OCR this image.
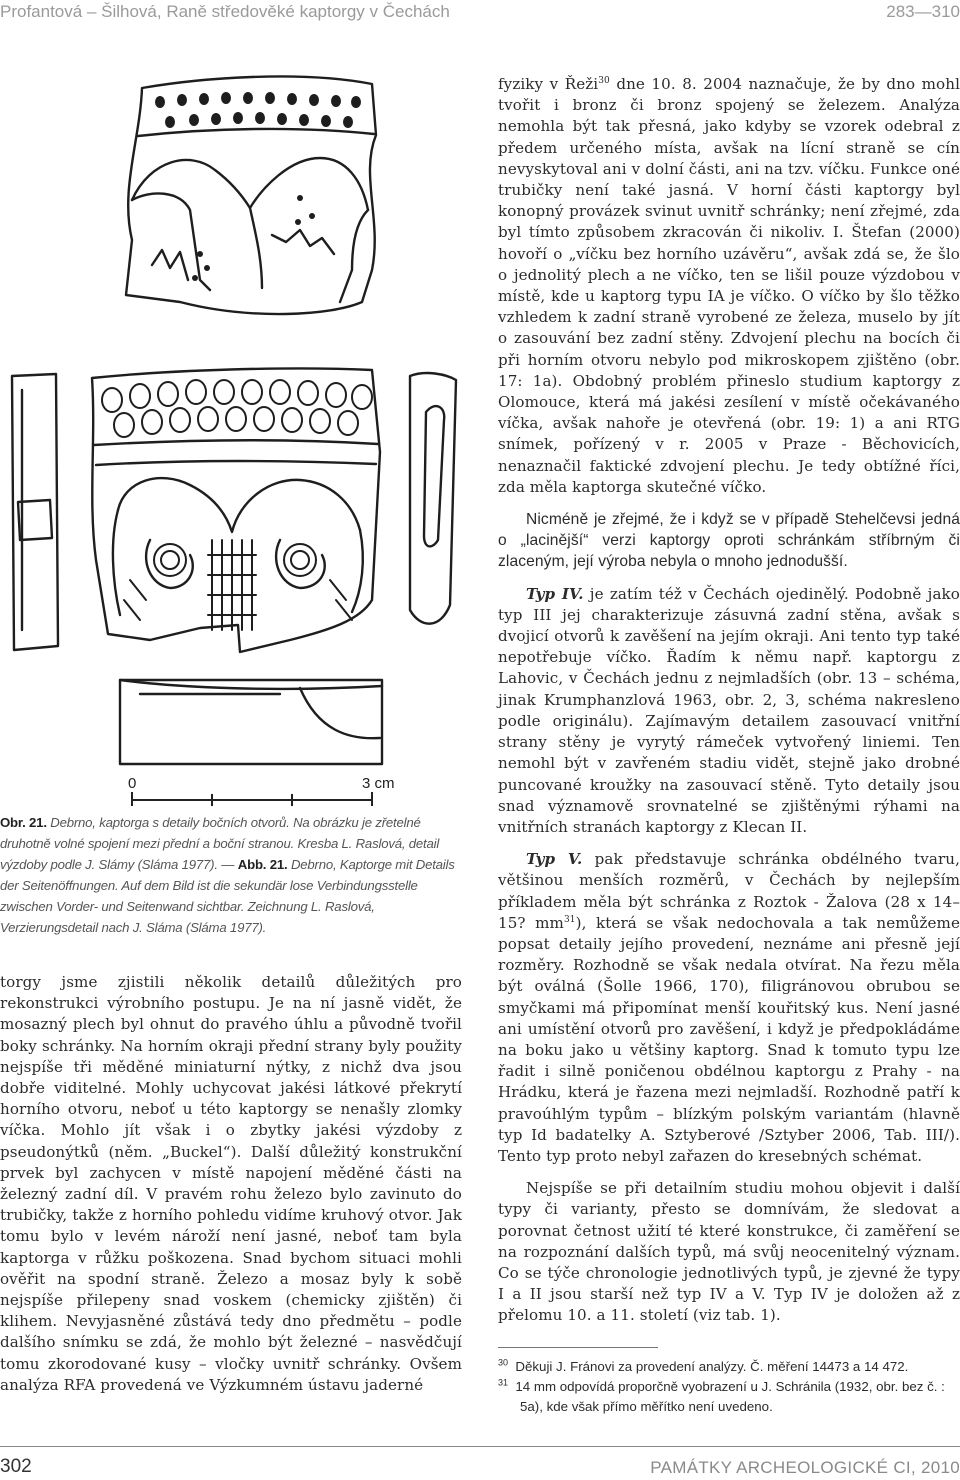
Profantová – Šilhová, Raně středověké kaptorgy v Čechách	283—310
0	3 cm
Obr. 21. Debrno, kaptorga s detaily bočních otvorů. Na obrázku je zřetelné druhotně volné spojení mezi přední a boční stranou. Kresba L. Raslová, detail výzdoby podle J. Slámy (Sláma 1977). — Abb. 21. Debrno, Kaptorge mit Details der Seitenöffnungen. Auf dem Bild ist die sekundär lose Verbindungsstelle zwischen Vorder- und Seitenwand sichtbar. Zeichnung L. Raslová, Verzierungsdetail nach J. Sláma (Sláma 1977).

torgy jsme zjistili několik detailů důležitých pro rekonstrukci výrobního postupu. Je na ní jasně vidět, že mosazný plech byl ohnut do pravého úhlu a původně tvořil boky schránky. Na horním okraji přední strany byly použity nejspíše tři měděné miniaturní nýtky, z nichž dva jsou dobře viditelné. Mohly uchycovat jakési látkové překrytí horního otvoru, neboť u této kaptorgy se nenašly zlomky víčka. Mohlo jít však i o zbytky jakési výzdoby z pseudonýtků (něm. „Buckel“). Další důležitý konstrukční prvek byl zachycen v místě napojení měděné části na železný zadní díl. V pravém rohu železo bylo zavinuto do trubičky, takže z horního pohledu vidíme kruhový otvor. Jak tomu bylo v levém nároží není jasné, neboť tam byla kaptorga v růžku poškozena. Snad bychom situaci mohli ověřit na spodní straně. Železo a mosaz byly k sobě nejspíše přilepeny snad voskem (chemicky zjištěn) či klihem. Nevyjasněné zůstává tedy dno předmětu – podle dalšího snímku se zdá, že mohlo být železné – nasvědčují tomu zkorodované kusy – vločky uvnitř schránky. Ovšem analýza RFA provedená ve Výzkumném ústavu jaderné

fyziky v Řeži$^{30}$ dne 10. 8. 2004 naznačuje, že by dno mohl tvořit i bronz či bronz spojený se železem. Analýza nemohla být tak přesná, jako kdyby se vzorek odebral z předem určeného místa, avšak na lícní straně se cín nevyskytoval ani v dolní části, ani na tzv. víčku. Funkce oné trubičky není také jasná. V horní části kaptorgy byl konopný provázek svinut uvnitř schránky; není zřejmé, zda byl tímto způsobem zkracován či nikoliv. I. Štefan (2000) hovoří o „víčku bez horního uzávěru“, avšak zdá se, že šlo o jednolitý plech a ne víčko, ten se lišil pouze výzdobou v místě, kde u kaptorg typu IA je víčko. O víčko by šlo těžko vzhledem k zadní straně vyrobené ze železa, muselo by jít o zasouvání bez zadní stěny. Zdvojení plechu na bocích či při horním otvoru nebylo pod mikroskopem zjištěno (obr. 17: 1a). Obdobný problém přineslo studium kaptorgy z Olomouce, která má jakési zesílení v místě očekávaného víčka, avšak nahoře je otevřená (obr. 19: 1) a ani RTG snímek, pořízený v r. 2005 v Praze - Běchovicích, nenaznačil faktické zdvojení plechu. Je tedy obtížné říci, zda měla kaptorga skutečné víčko.

Nicméně je zřejmé, že i když se v případě Stehelčevsi jedná o „lacinější“ verzi kaptorgy oproti schránkám stříbrným či zlaceným, její výroba nebyla o mnoho jednodušší.

Typ IV. je zatím též v Čechách ojedinělý. Podobně jako typ III jej charakterizuje zásuvná zadní stěna, avšak s dvojicí otvorů k zavěšení na jejím okraji. Ani tento typ také nepotřebuje víčko. Řadím k němu např. kaptorgu z Lahovic, v Čechách jednu z nejmladších (obr. 13 – schéma, jinak Krumphanzlová 1963, obr. 2, 3, schéma nakresleno podle originálu). Zajímavým detailem zasouvací vnitřní strany stěny je vyrytý rámeček vytvořený liniemi. Ten nemohl být v zavřeném stadiu vidět, stejně jako drobné puncované kroužky na zasouvací stěně. Tyto detaily jsou snad významově srovnatelné se zjištěnými rýhami na vnitřních stranách kaptorgy z Klecan II.

Typ V. pak představuje schránka obdélného tvaru, většinou menších rozměrů, v Čechách by nejlepším příkladem měla být schránka z Roztok - Žalova (28 x 14–15? $mm^{31}$), která se však nedochovala a tak nemůžeme popsat detaily jejího provedení, neznáme ani přesně její rozměry. Rozhodně se však nedala otvírat. Na řezu měla být oválná (Šolle 1966, 170), filigránovou obrubou se smyčkami má připomínat menší kouřitský kus. Není jasné ani umístění otvorů pro zavěšení, i když je předpokládáme na boku jako u většiny kaptorg. Snad k tomuto typu lze řadit i silně poničenou obdélnou kaptorgu z Prahy - na Hrádku, která je řazena mezi nejmladší. Rozhodně patří k pravoúhlým typům – blízkým polským variantám (hlavně typ Id badatelky A. Sztyberové /Sztyber 2006, Tab. III/). Tento typ proto nebyl zařazen do kresebných schémat.

Nejspíše se při detailním studiu mohou objevit i další typy či varianty, přesto se domnívám, že sledovat a porovnat četnost užití té které konstrukce, či zaměření se na rozpoznání dalších typů, má svůj neocenitelný význam. Co se týče chronologie jednotlivých typů, je zjevné že typy I a II jsou starší než typ IV a V. Typ IV je doložen až z přelomu 10. a 11. století (viz tab. 1).

$^{30}$ Děkuji J. Fránovi za provedení analýzy. Č. měření 14473 a 14 472.
$^{31}$ 14 mm odpovídá proporčně vyobrazení u J. Schránila (1932, obr. bez č. : 5a), kde však přímo měřítko není uvedeno.
302	PAMÁTKY ARCHEOLOGICKÉ CI, 2010
